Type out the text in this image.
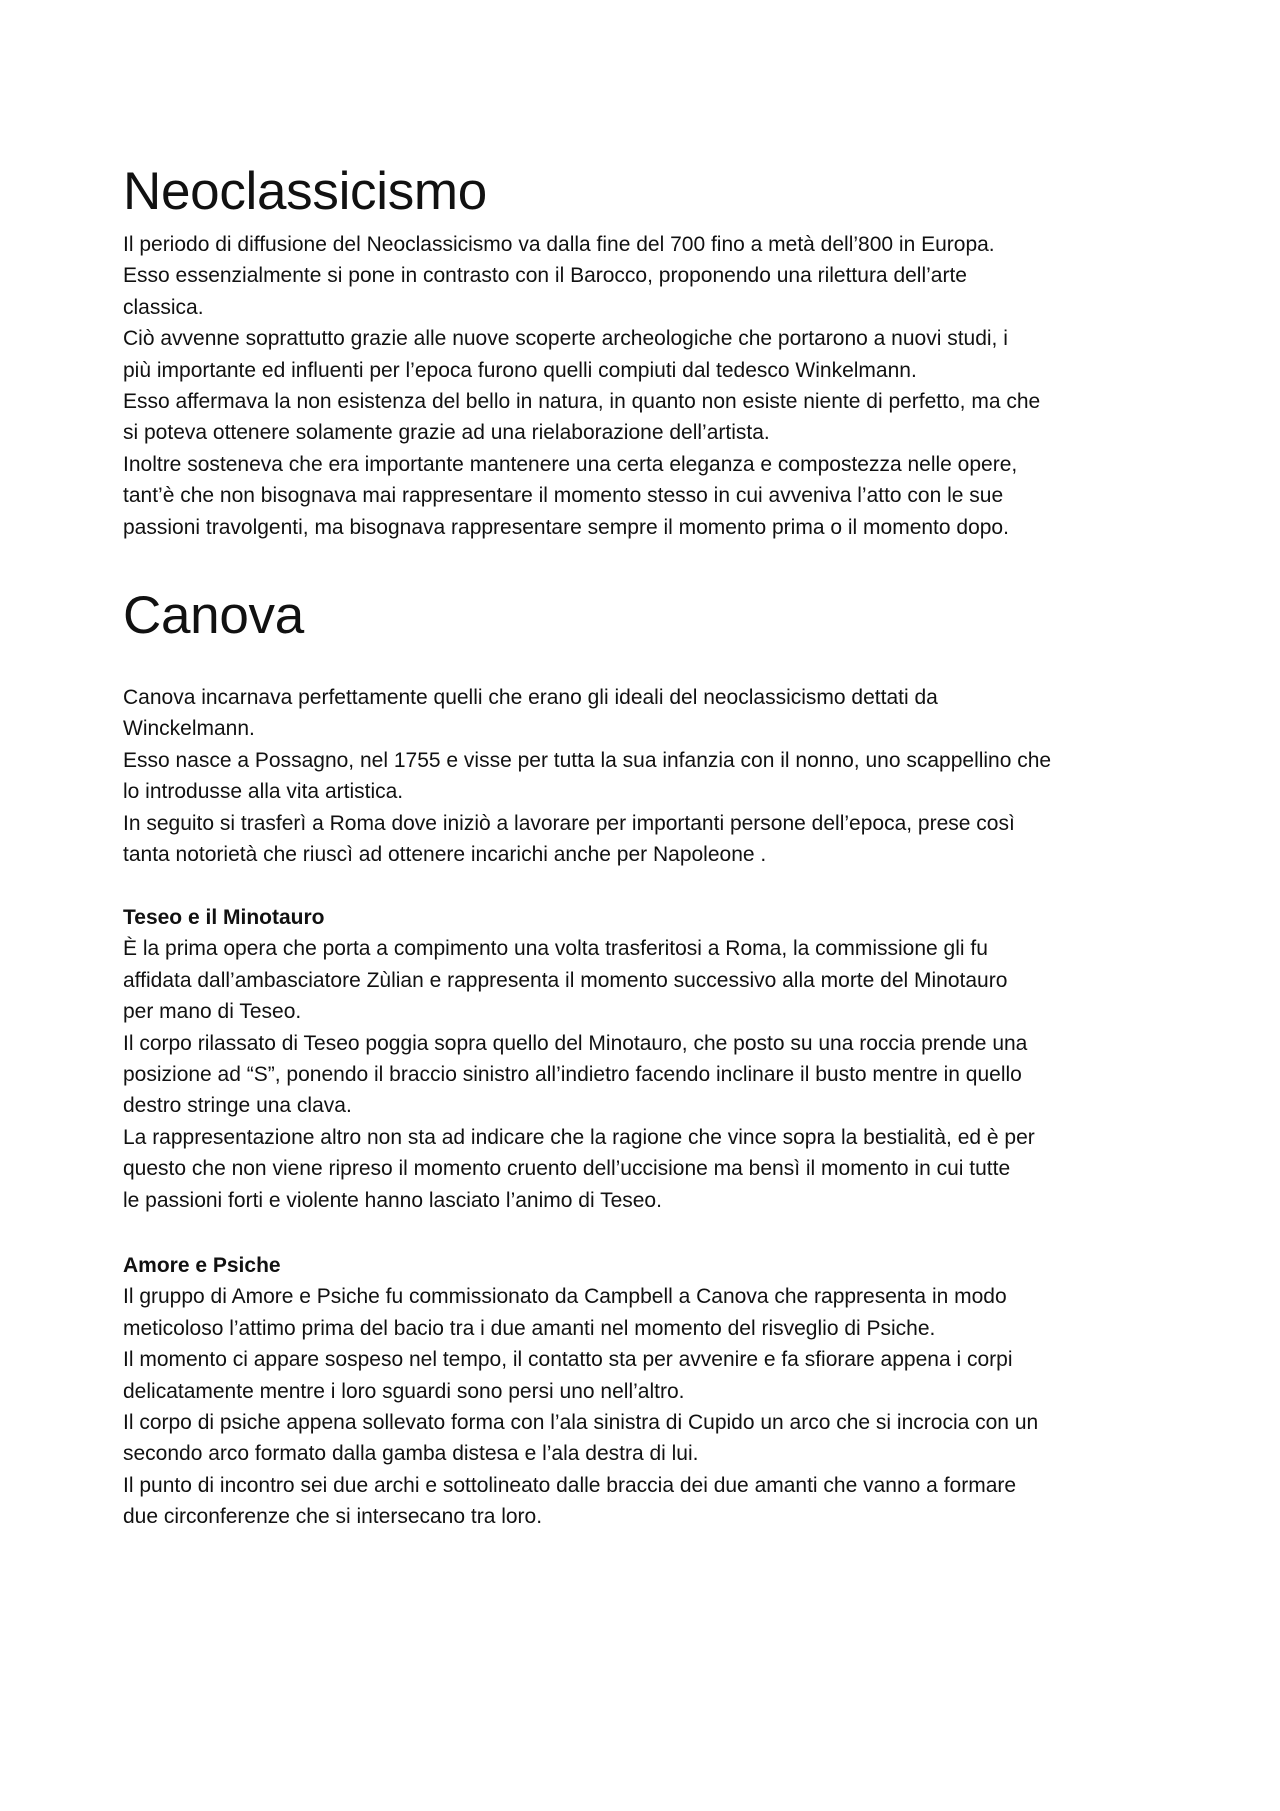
Neoclassicismo

Il periodo di diffusione del Neoclassicismo va dalla fine del 700 fino a metà dell’800 in Europa.

Esso essenzialmente si pone in contrasto con il Barocco, proponendo una rilettura dell’arte

classica.

Ciò avvenne soprattutto grazie alle nuove scoperte archeologiche che portarono a nuovi studi, i

più importante ed influenti per l’epoca furono quelli compiuti dal tedesco Winkelmann.

Esso affermava la non esistenza del bello in natura, in quanto non esiste niente di perfetto, ma che

si poteva ottenere solamente grazie ad una rielaborazione dell’artista.

Inoltre sosteneva che era importante mantenere una certa eleganza e compostezza nelle opere,

tant’è che non bisognava mai rappresentare il momento stesso in cui avveniva l’atto con le sue

passioni travolgenti, ma bisognava rappresentare sempre il momento prima o il momento dopo.

Canova

Canova incarnava perfettamente quelli che erano gli ideali del neoclassicismo dettati da

Winckelmann.

Esso nasce a Possagno, nel 1755 e visse per tutta la sua infanzia con il nonno, uno scappellino che

lo introdusse alla vita artistica.

In seguito si trasferì a Roma dove iniziò a lavorare per importanti persone dell’epoca, prese così

tanta notorietà che riuscì ad ottenere incarichi anche per Napoleone .

Teseo e il Minotauro

È la prima opera che porta a compimento una volta trasferitosi a Roma, la commissione gli fu

affidata dall’ambasciatore Zùlian e rappresenta il momento successivo alla morte del Minotauro

per mano di Teseo.

Il corpo rilassato di Teseo poggia sopra quello del Minotauro, che posto su una roccia prende una

posizione ad “S”, ponendo il braccio sinistro all’indietro facendo inclinare il busto mentre in quello

destro stringe una clava.

La rappresentazione altro non sta ad indicare che la ragione che vince sopra la bestialità, ed è per

questo che non viene ripreso il momento cruento dell’uccisione ma bensì il momento in cui tutte

le passioni forti e violente hanno lasciato l’animo di Teseo.

Amore e Psiche

Il gruppo di Amore e Psiche fu commissionato da Campbell a Canova che rappresenta in modo

meticoloso l’attimo prima del bacio tra i due amanti nel momento del risveglio di Psiche.

Il momento ci appare sospeso nel tempo, il contatto sta per avvenire e fa sfiorare appena i corpi

delicatamente mentre i loro sguardi sono persi uno nell’altro.

Il corpo di psiche appena sollevato forma con l’ala sinistra di Cupido un arco che si incrocia con un

secondo arco formato dalla gamba distesa e l’ala destra di lui.

Il punto di incontro sei due archi e sottolineato dalle braccia dei due amanti che vanno a formare

due circonferenze che si intersecano tra loro.
